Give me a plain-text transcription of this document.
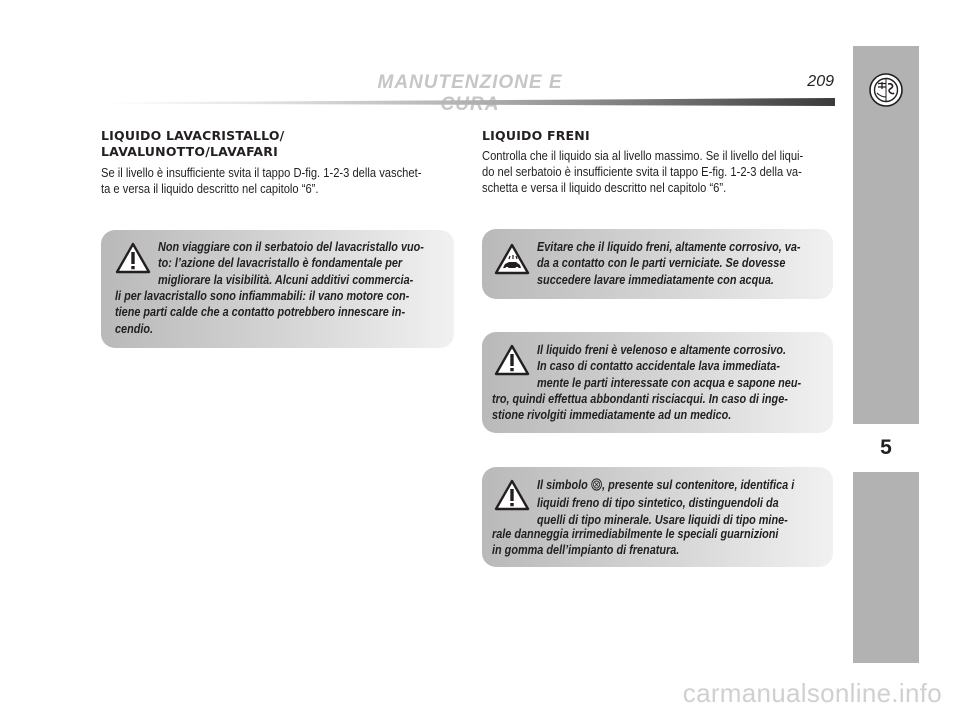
MANUTENZIONE E	209
5
LIQUIDO LAVACRISTALLO/
LAVALUNOTTO/LAVAFARI
Se il livello è insufficiente svita il tappo D-fig. 1-2-3 della vaschet-
ta e versa il liquido descritto nel capitolo “6”.
Non viaggiare con il serbatoio del lavacristallo vuo-
to: l’azione del lavacristallo è fondamentale per
migliorare la visibilità. Alcuni additivi commercia-
li per lavacristallo sono infiammabili: il vano motore con-
tiene parti calde che a contatto potrebbero innescare in-
cendio.
LIQUIDO FRENI
Controlla che il liquido sia al livello massimo. Se il livello del liqui-
do nel serbatoio è insufficiente svita il tappo E-fig. 1-2-3 della va-
schetta e versa il liquido descritto nel capitolo “6”.
Evitare che il liquido freni, altamente corrosivo, va-
da a contatto con le parti verniciate. Se dovesse
succedere lavare immediatamente con acqua.
Il liquido freni è velenoso e altamente corrosivo.
In caso di contatto accidentale lava immediata-
mente le parti interessate con acqua e sapone neu-
tro, quindi effettua abbondanti risciacqui. In caso di inge-
stione rivolgiti immediatamente ad un medico.
Il simbolo , presente sul contenitore, identifica i
liquidi freno di tipo sintetico, distinguendoli da
quelli di tipo minerale. Usare liquidi di tipo mine-
rale danneggia irrimediabilmente le speciali guarnizioni
in gomma dell’impianto di frenatura.
carmanualsonline.info
